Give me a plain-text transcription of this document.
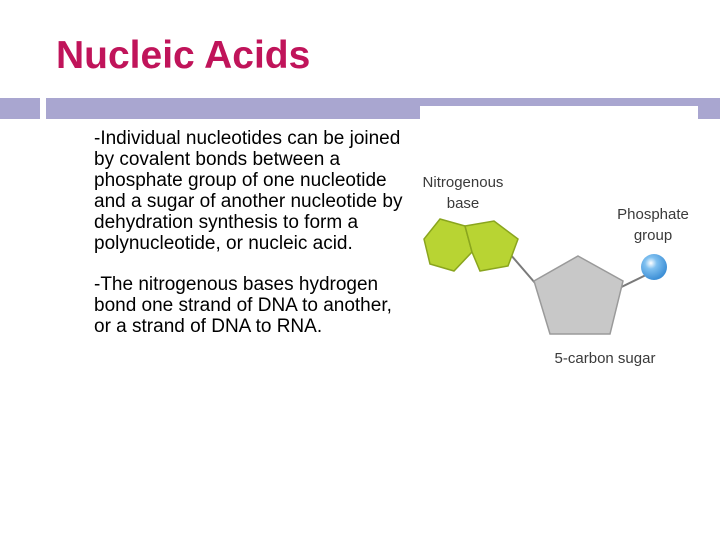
Nucleic Acids

-Individual nucleotides can be joined by covalent bonds between a phosphate group of one nucleotide and a sugar of another nucleotide by dehydration synthesis to form a polynucleotide, or nucleic acid.

-The nitrogenous bases hydrogen bond one strand of DNA to another, or a strand of DNA to RNA.

Nitrogenous
base
Phosphate
group
5-carbon sugar
